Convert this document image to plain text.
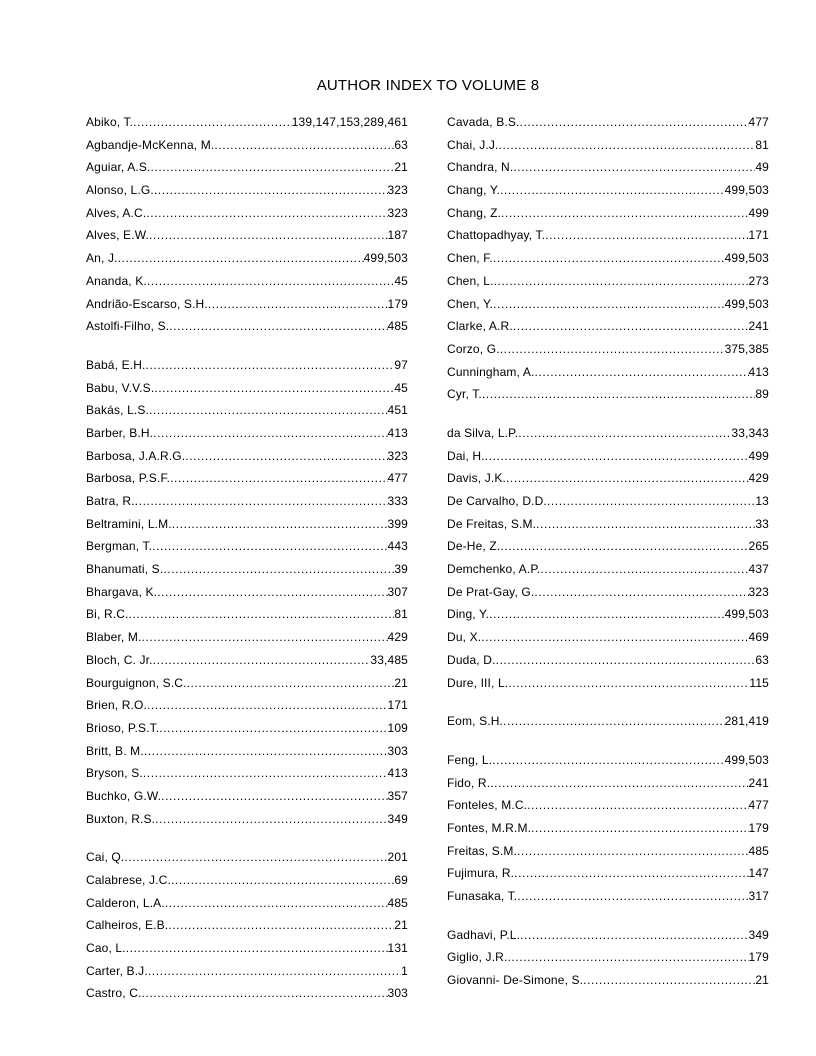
AUTHOR INDEX TO VOLUME 8
Abiko, T. .....	139,147,153,289,461
Agbandje-McKenna, M. .....	63
Aguiar, A.S. .....	21
Alonso, L.G. .....	323
Alves, A.C. .....	323
Alves, E.W. .....	187
An, J. .....	499,503
Ananda, K. .....	45
Andrião-Escarso, S.H. .....	179
Astolfi-Filho, S. .....	485
Babá, E.H. .....	97
Babu, V.V.S. .....	45
Bakás, L.S. .....	451
Barber, B.H. .....	413
Barbosa, J.A.R.G. .....	323
Barbosa, P.S.F. .....	477
Batra, R. .....	333
Beltramini, L.M. .....	399
Bergman, T. .....	443
Bhanumati, S. .....	39
Bhargava, K. .....	307
Bi, R.C. .....	81
Blaber, M. .....	429
Bloch, C. Jr. .....	33,485
Bourguignon, S.C. .....	21
Brien, R.O. .....	171
Brioso, P.S.T. .....	109
Britt, B. M. .....	303
Bryson, S. .....	413
Buchko, G.W. .....	357
Buxton, R.S. .....	349
Cai, Q. .....	201
Calabrese, J.C. .....	69
Calderon, L.A. .....	485
Calheiros, E.B. .....	21
Cao, L. .....	131
Carter, B.J. .....	1
Castro, C. .....	303
Cavada, B.S. .....	477
Chai, J.J. .....	81
Chandra, N. .....	49
Chang, Y. .....	499,503
Chang, Z. .....	499
Chattopadhyay, T. .....	171
Chen, F. .....	499,503
Chen, L. .....	273
Chen, Y. .....	499,503
Clarke, A.R. .....	241
Corzo, G. .....	375,385
Cunningham, A. .....	413
Cyr, T. .....	89
da Silva, L.P. .....	33,343
Dai, H. .....	499
Davis, J.K. .....	429
De Carvalho, D.D. .....	13
De Freitas, S.M. .....	33
De-He, Z. .....	265
Demchenko, A.P. .....	437
De Prat-Gay, G. .....	323
Ding, Y. .....	499,503
Du, X. .....	469
Duda, D. .....	63
Dure, III, L. .....	115
Eom, S.H. .....	281,419
Feng, L. .....	499,503
Fido, R. .....	241
Fonteles, M.C. .....	477
Fontes, M.R.M. .....	179
Freitas, S.M. .....	485
Fujimura, R. .....	147
Funasaka, T. .....	317
Gadhavi, P.L. .....	349
Giglio, J.R. .....	179
Giovanni- De-Simone, S. .....	21
